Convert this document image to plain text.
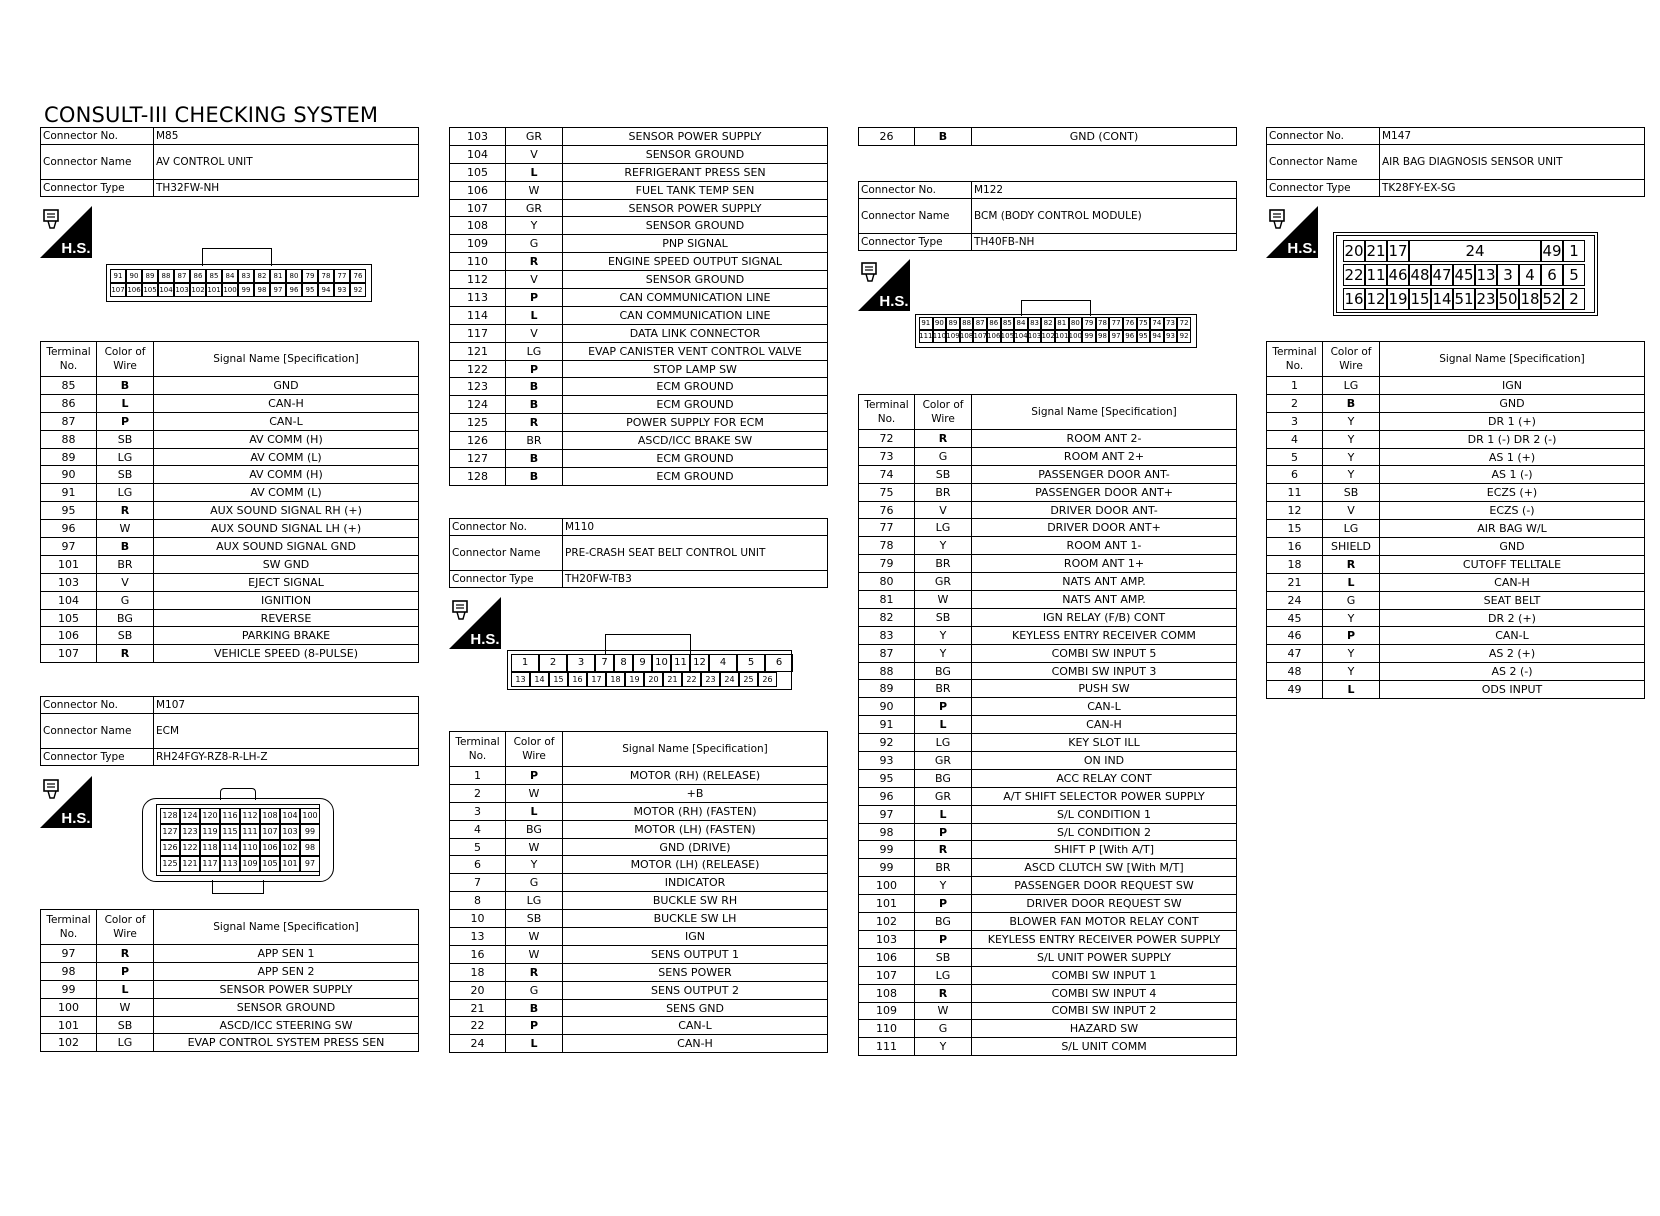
CONSULT-III CHECKING SYSTEM
Connector No.	M85
Connector Name	AV CONTROL UNIT
Connector Type	TH32FW-NH
H.S.
91	90	89	88	87	86	85	84	83	82	81	80	79	78	77	76
107 106 105 104 103 102 101 100 99	98	97	96	95	94	93	92
Terminal No.	Color of Wire	Signal Name [Specification]
85	B	GND
86	L	CAN-H
87	P	CAN-L
88	SB	AV COMM (H)
89	LG	AV COMM (L)
90	SB	AV COMM (H)
91	LG	AV COMM (L)
95	R	AUX SOUND SIGNAL RH (+)
96	W	AUX SOUND SIGNAL LH (+)
97	B	AUX SOUND SIGNAL GND
101	BR	SW GND
103	V	EJECT SIGNAL
104	G	IGNITION
105	BG	REVERSE
106	SB	PARKING BRAKE
107	R	VEHICLE SPEED (8-PULSE)
Connector No.	M107
Connector Name	ECM
Connector Type	RH24FGY-RZ8-R-LH-Z
H.S.	128 124 120 116 112 108 104 100
127 123 119 115 111 107 103 99
126 122 118 114 110 106 102 98
125 121 117 113 109 105 101 97
Terminal No.	Color of Wire	Signal Name [Specification]
97	R	APP SEN 1
98	P	APP SEN 2
99	L	SENSOR POWER SUPPLY
100	W	SENSOR GROUND
101	SB	ASCD/ICC STEERING SW
102	LG	EVAP CONTROL SYSTEM PRESS SEN
103	GR	SENSOR POWER SUPPLY
104	V	SENSOR GROUND
105	L	REFRIGERANT PRESS SEN
106	W	FUEL TANK TEMP SEN
107	GR	SENSOR POWER SUPPLY
108	Y	SENSOR GROUND
109	G	PNP SIGNAL
110	R	ENGINE SPEED OUTPUT SIGNAL
112	V	SENSOR GROUND
113	P	CAN COMMUNICATION LINE
114	L	CAN COMMUNICATION LINE
117	V	DATA LINK CONNECTOR
121	LG	EVAP CANISTER VENT CONTROL VALVE
122	P	STOP LAMP SW
123	B	ECM GROUND
124	B	ECM GROUND
125	R	POWER SUPPLY FOR ECM
126	BR	ASCD/ICC BRAKE SW
127	B	ECM GROUND
128	B	ECM GROUND
Connector No.	M110
Connector Name	PRE-CRASH SEAT BELT CONTROL UNIT
Connector Type	TH20FW-TB3
H.S.
1	2	3	7	8	9 10 11 12	4	5	6
13	14	15	16	17	18	19	20	21	22	23	24	25	26
Terminal No.	Color of Wire	Signal Name [Specification]
1	P	MOTOR (RH) (RELEASE)
2	W	+B
3	L	MOTOR (RH) (FASTEN)
4	BG	MOTOR (LH) (FASTEN)
5	W	GND (DRIVE)
6	Y	MOTOR (LH) (RELEASE)
7	G	INDICATOR
8	LG	BUCKLE SW RH
10	SB	BUCKLE SW LH
13	W	IGN
16	W	SENS OUTPUT 1
18	R	SENS POWER
20	G	SENS OUTPUT 2
21	B	SENS GND
22	P	CAN-L
24	L	CAN-H
26	B	GND (CONT)
Connector No.	M122
Connector Name	BCM (BODY CONTROL MODULE)
Connector Type	TH40FB-NH
H.S.
91 90 89 88 87 86 85 84 83 82 81 80 79 78 77 76 75 74 73 72
111 110 109 108 107 106 105 104 103 102 101 100 99 98 97 96 95 94 93 92
Terminal No.	Color of Wire	Signal Name [Specification]
72	R	ROOM ANT 2-
73	G	ROOM ANT 2+
74	SB	PASSENGER DOOR ANT-
75	BR	PASSENGER DOOR ANT+
76	V	DRIVER DOOR ANT-
77	LG	DRIVER DOOR ANT+
78	Y	ROOM ANT 1-
79	BR	ROOM ANT 1+
80	GR	NATS ANT AMP.
81	W	NATS ANT AMP.
82	SB	IGN RELAY (F/B) CONT
83	Y	KEYLESS ENTRY RECEIVER COMM
87	Y	COMBI SW INPUT 5
88	BG	COMBI SW INPUT 3
89	BR	PUSH SW
90	P	CAN-L
91	L	CAN-H
92	LG	KEY SLOT ILL
93	GR	ON IND
95	BG	ACC RELAY CONT
96	GR	A/T SHIFT SELECTOR POWER SUPPLY
97	L	S/L CONDITION 1
98	P	S/L CONDITION 2
99	R	SHIFT P [With A/T]
99	BR	ASCD CLUTCH SW [With M/T]
100	Y	PASSENGER DOOR REQUEST SW
101	P	DRIVER DOOR REQUEST SW
102	BG	BLOWER FAN MOTOR RELAY CONT
103	P	KEYLESS ENTRY RECEIVER POWER SUPPLY
106	SB	S/L UNIT POWER SUPPLY
107	LG	COMBI SW INPUT 1
108	R	COMBI SW INPUT 4
109	W	COMBI SW INPUT 2
110	G	HAZARD SW
111	Y	S/L UNIT COMM
Connector No.	M147
Connector Name	AIR BAG DIAGNOSIS SENSOR UNIT
Connector Type	TK28FY-EX-SG
H.S. 20 21 17	24	49 1
22 11 46 48 47 45 13 3 4 6 5
16 12 19 15 14 51 23 50 18 52 2
Terminal No.	Color of Wire	Signal Name [Specification]
1	LG	IGN
2	B	GND
3	Y	DR 1 (+)
4	Y	DR 1 (-) DR 2 (-)
5	Y	AS 1 (+)
6	Y	AS 1 (-)
11	SB	ECZS (+)
12	V	ECZS (-)
15	LG	AIR BAG W/L
16	SHIELD	GND
18	R	CUTOFF TELLTALE
21	L	CAN-H
24	G	SEAT BELT
45	Y	DR 2 (+)
46	P	CAN-L
47	Y	AS 2 (+)
48	Y	AS 2 (-)
49	L	ODS INPUT
